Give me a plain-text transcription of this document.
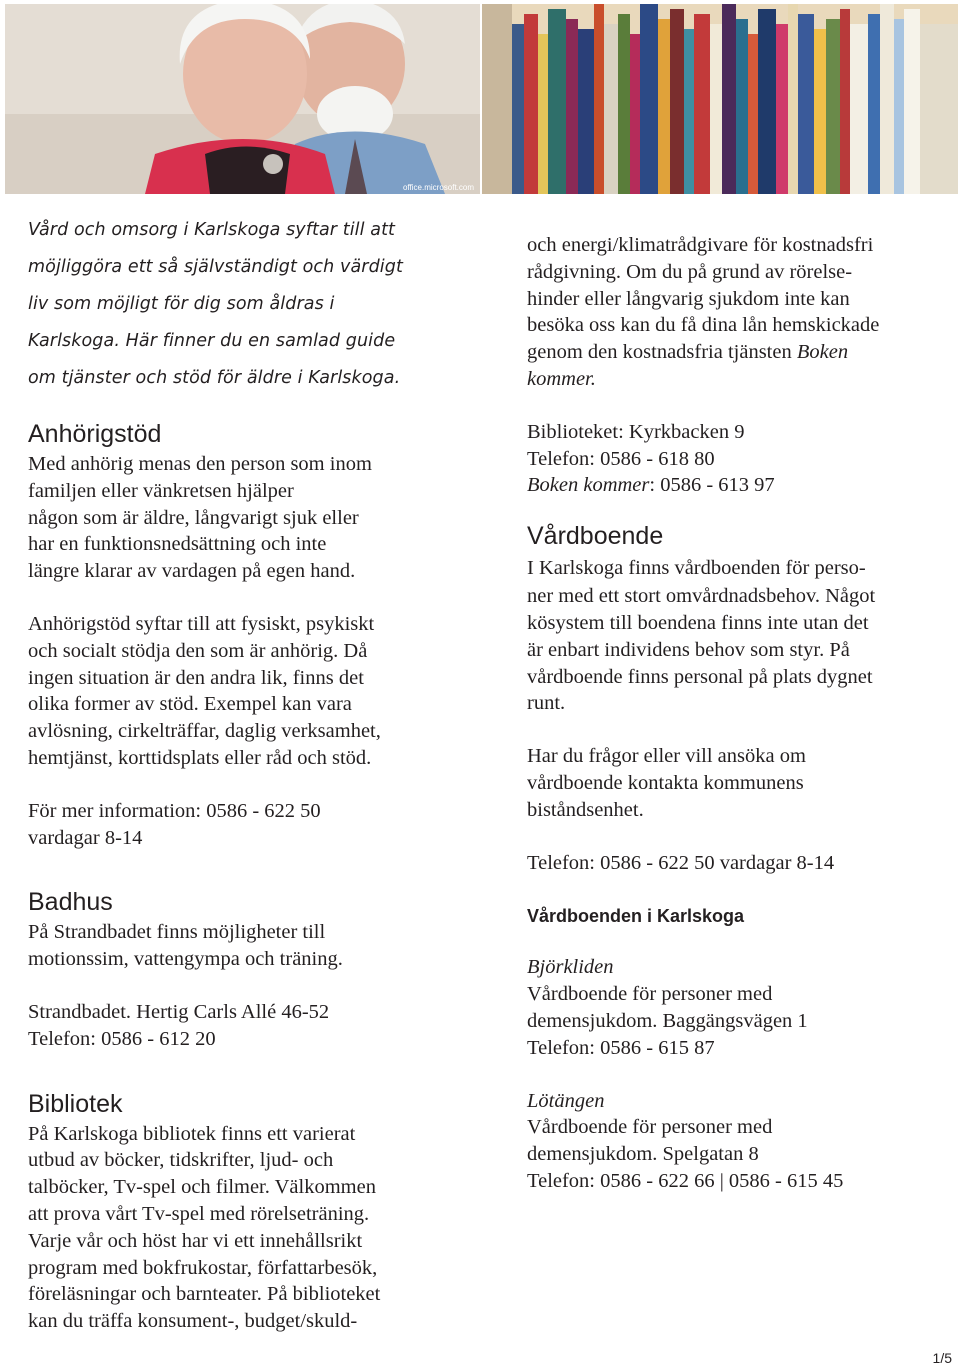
office.microsoft.com

Vård och omsorg i Karlskoga syftar till att

möjliggöra ett så självständigt och värdigt

liv som möjligt för dig som åldras i

Karlskoga. Här finner du en samlad guide

om tjänster och stöd för äldre i Karlskoga.

Anhörigstöd

Med anhörig menas den person som inom

familjen eller vänkretsen hjälper

någon som är äldre, långvarigt sjuk eller

har en funktionsnedsättning och inte

längre klarar av vardagen på egen hand.

Anhörigstöd syftar till att fysiskt, psykiskt

och socialt stödja den som är anhörig. Då

ingen situation är den andra lik, finns det

olika former av stöd. Exempel kan vara

avlösning, cirkelträffar, daglig verksamhet,

hemtjänst, korttidsplats eller råd och stöd.

För mer information: 0586 - 622 50

vardagar 8-14

Badhus

På Strandbadet finns möjligheter till

motionssim, vattengympa och träning.

Strandbadet. Hertig Carls Allé 46-52

Telefon: 0586 - 612 20

Bibliotek

På Karlskoga bibliotek finns ett varierat

utbud av böcker, tidskrifter, ljud- och

talböcker, Tv-spel och filmer. Välkommen

att prova vårt Tv-spel med rörelseträning.

Varje vår och höst har vi ett innehållsrikt

program med bokfrukostar, författarbesök,

föreläsningar och barnteater. På biblioteket

kan du träffa konsument-, budget/skuld-

och energi/klimatrådgivare för kostnadsfri

rådgivning. Om du på grund av rörelse-

hinder eller långvarig sjukdom inte kan

besöka oss kan du få dina lån hemskickade

genom den kostnadsfria tjänsten Boken

kommer.

Biblioteket: Kyrkbacken 9

Telefon: 0586 - 618 80

Boken kommer: 0586 - 613 97

Vårdboende

I Karlskoga finns vårdboenden för perso-

ner med ett stort omvårdnadsbehov. Något

kösystem till boendena finns inte utan det

är enbart individens behov som styr. På

vårdboende finns personal på plats dygnet

runt.

Har du frågor eller vill ansöka om

vårdboende kontakta kommunens

biståndsenhet.

Telefon: 0586 - 622 50 vardagar 8-14

Vårdboenden i Karlskoga

Björkliden

Vårdboende för personer med

demensjukdom. Baggängsvägen 1

Telefon: 0586 - 615 87

Lötängen

Vårdboende för personer med

demensjukdom. Spelgatan 8

Telefon: 0586 - 622 66 | 0586 - 615 45

1/5
